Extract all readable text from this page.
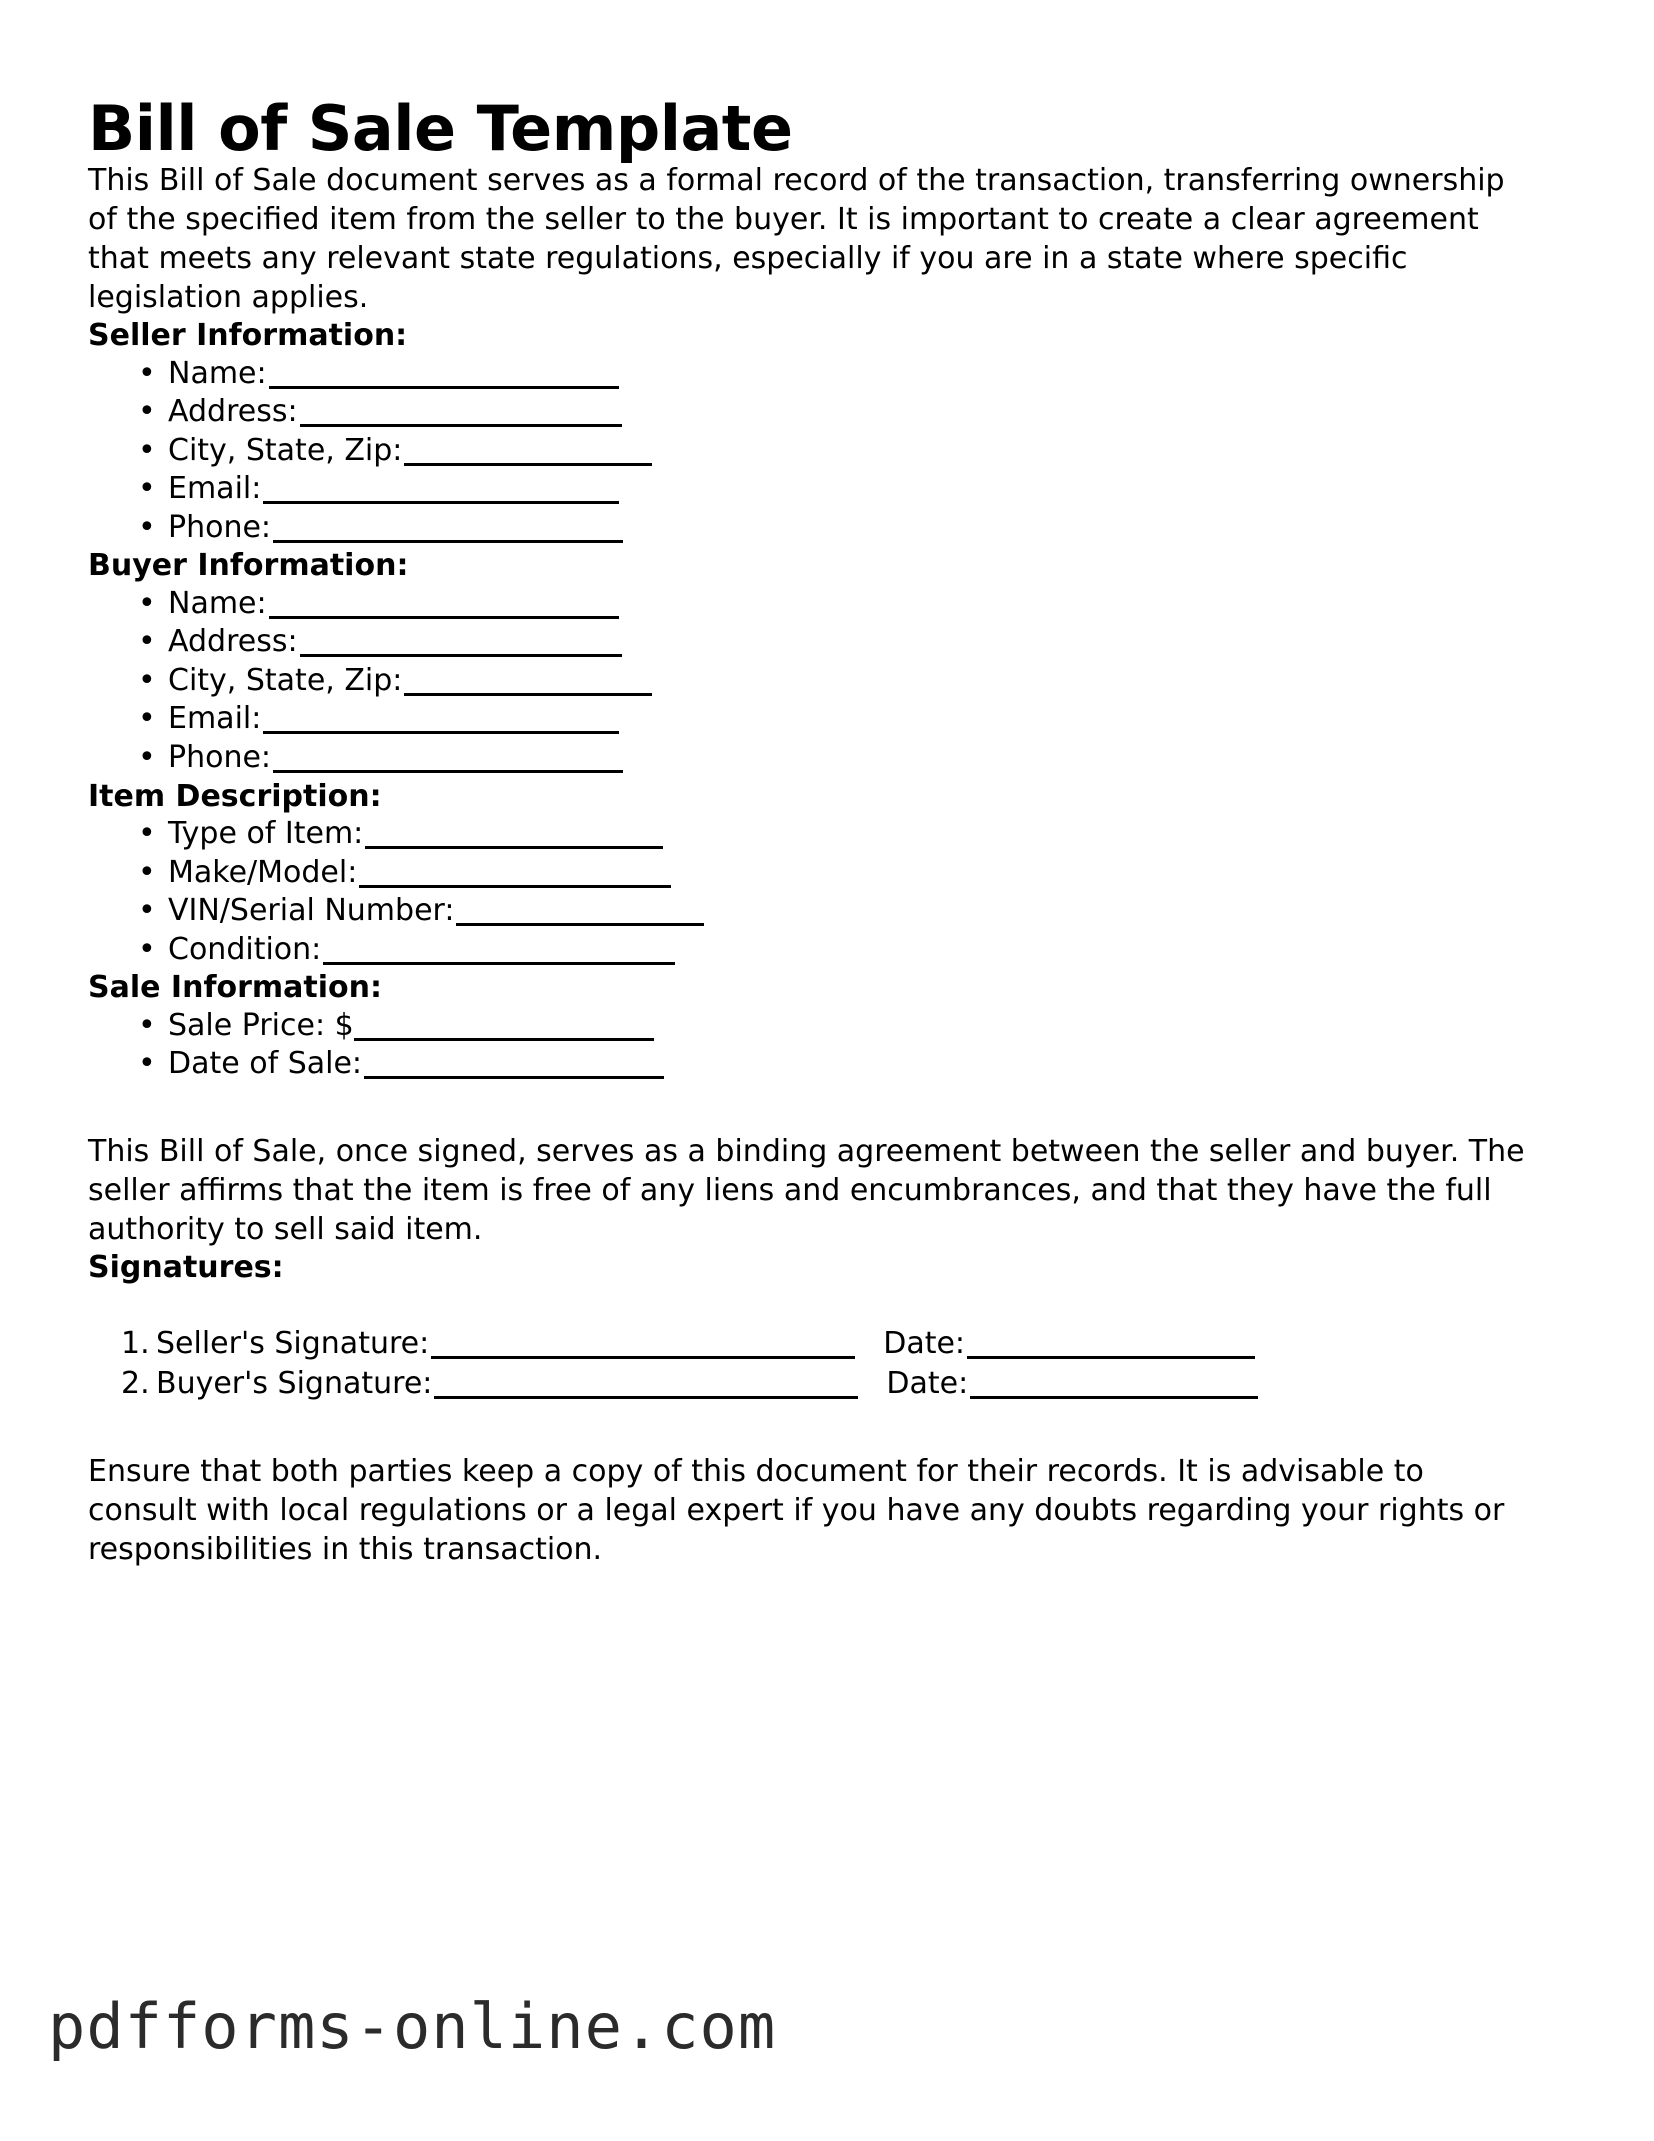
Bill of Sale Template

This Bill of Sale document serves as a formal record of the transaction, transferring ownership of the specified item from the seller to the buyer. It is important to create a clear agreement that meets any relevant state regulations, especially if you are in a state where specific legislation applies.

Seller Information:
• Name:
• Address:
• City, State, Zip:
• Email:
• Phone:
Buyer Information:
• Name:
• Address:
• City, State, Zip:
• Email:
• Phone:
Item Description:
• Type of Item:
• Make/Model:
• VIN/Serial Number:
• Condition:
Sale Information:
• Sale Price: $
• Date of Sale:

This Bill of Sale, once signed, serves as a binding agreement between the seller and buyer. The seller affirms that the item is free of any liens and encumbrances, and that they have the full authority to sell said item.

Signatures:
Seller's Signature:	Date:
Buyer's Signature:	Date:

Ensure that both parties keep a copy of this document for their records. It is advisable to consult with local regulations or a legal expert if you have any doubts regarding your rights or responsibilities in this transaction.

pdfforms-online.com
